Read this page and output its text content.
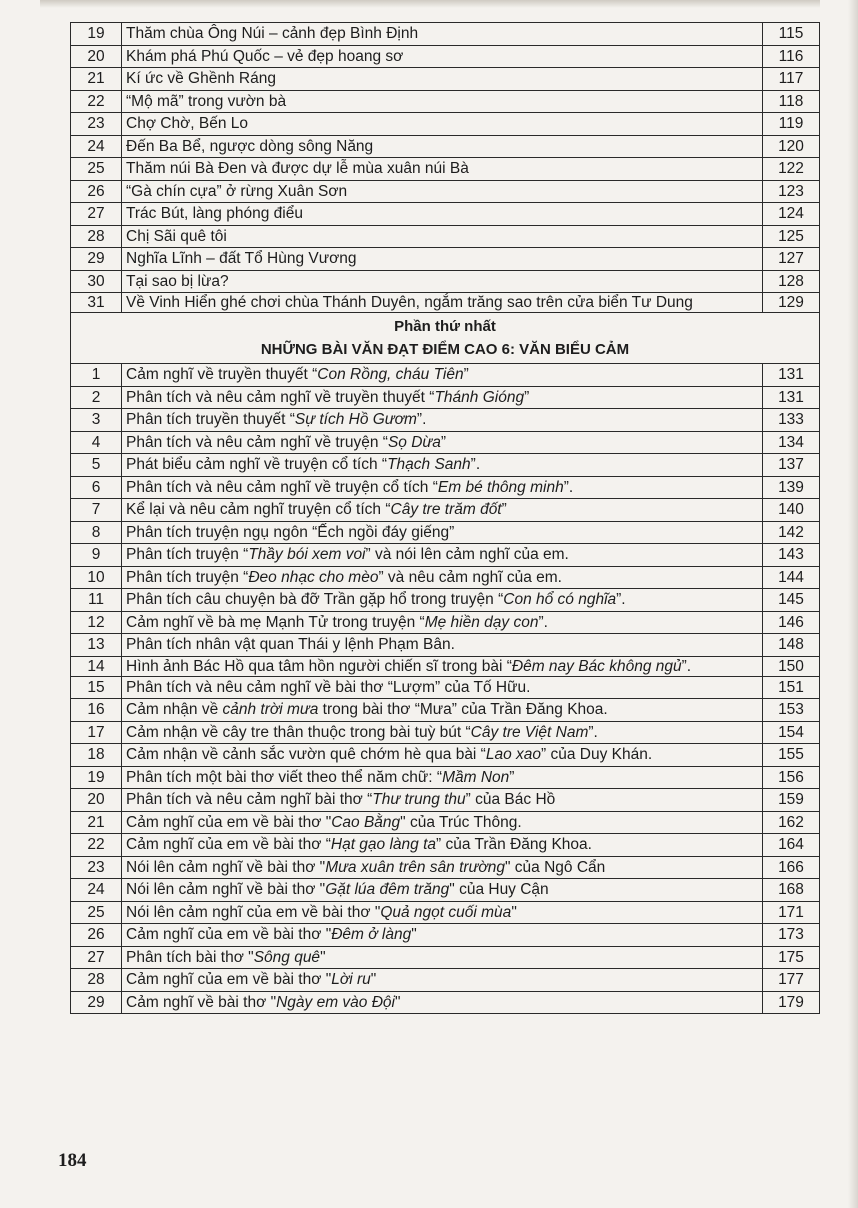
19	Thăm chùa Ông Núi – cảnh đẹp Bình Định	115
20	Khám phá Phú Quốc – vẻ đẹp hoang sơ	116
21	Kí ức về Ghềnh Ráng	117
22	“Mộ mã” trong vườn bà	118
23	Chợ Chờ, Bến Lo	119
24	Đến Ba Bể, ngược dòng sông Năng	120
25	Thăm núi Bà Đen và được dự lễ mùa xuân núi Bà	122
26	“Gà chín cựa” ở rừng Xuân Sơn	123
27	Trác Bút, làng phóng điểu	124
28	Chị Sãi quê tôi	125
29	Nghĩa Lĩnh – đất Tổ Hùng Vương	127
30	Tại sao bị lừa?	128
31	Về Vinh Hiển ghé chơi chùa Thánh Duyên, ngắm trăng sao trên cửa biển Tư Dung	129

Phần thứ nhất
NHỮNG BÀI VĂN ĐẠT ĐIỂM CAO 6: VĂN BIỂU CẢM		

1	Cảm nghĩ về truyền thuyết “Con Rồng, cháu Tiên”	131
2	Phân tích và nêu cảm nghĩ về truyền thuyết “Thánh Gióng”	131
3	Phân tích truyền thuyết “Sự tích Hồ Gươm”.	133
4	Phân tích và nêu cảm nghĩ về truyện “Sọ Dừa”	134
5	Phát biểu cảm nghĩ về truyện cổ tích “Thạch Sanh”.	137
6	Phân tích và nêu cảm nghĩ về truyện cổ tích “Em bé thông minh”.	139
7	Kể lại và nêu cảm nghĩ truyện cổ tích “Cây tre trăm đốt”	140
8	Phân tích truyện ngụ ngôn “Ếch ngồi đáy giếng”	142
9	Phân tích truyện “Thầy bói xem voi” và nói lên cảm nghĩ của em.	143
10	Phân tích truyện “Đeo nhạc cho mèo” và nêu cảm nghĩ của em.	144
11	Phân tích câu chuyện bà đỡ Trần gặp hổ trong truyện “Con hổ có nghĩa”.	145
12	Cảm nghĩ về bà mẹ Mạnh Tử trong truyện “Mẹ hiền dạy con”.	146
13	Phân tích nhân vật quan Thái y lệnh Phạm Bân.	148
14	Hình ảnh Bác Hồ qua tâm hồn người chiến sĩ trong bài “Đêm nay Bác không ngủ”.	150
15	Phân tích và nêu cảm nghĩ về bài thơ “Lượm” của Tố Hữu.	151
16	Cảm nhận về cảnh trời mưa trong bài thơ “Mưa” của Trần Đăng Khoa.	153
17	Cảm nhận về cây tre thân thuộc trong bài tuỳ bút “Cây tre Việt Nam”.	154
18	Cảm nhận về cảnh sắc vườn quê chớm hè qua bài “Lao xao” của Duy Khán.	155
19	Phân tích một bài thơ viết theo thể năm chữ: “Mầm Non”	156
20	Phân tích và nêu cảm nghĩ bài thơ “Thư trung thu” của Bác Hồ	159
21	Cảm nghĩ của em về bài thơ "Cao Bằng" của Trúc Thông.	162
22	Cảm nghĩ của em về bài thơ “Hạt gạo làng ta” của Trần Đăng Khoa.	164
23	Nói lên cảm nghĩ về bài thơ "Mưa xuân trên sân trường" của Ngô Cẩn	166
24	Nói lên cảm nghĩ về bài thơ "Gặt lúa đêm trăng" của Huy Cận	168
25	Nói lên cảm nghĩ của em về bài thơ "Quả ngọt cuối mùa"	171
26	Cảm nghĩ của em về bài thơ "Đêm ở làng"	173
27	Phân tích bài thơ "Sông quê"	175
28	Cảm nghĩ của em về bài thơ "Lời ru"	177
29	Cảm nghĩ về bài thơ "Ngày em vào Đội"	179
184
